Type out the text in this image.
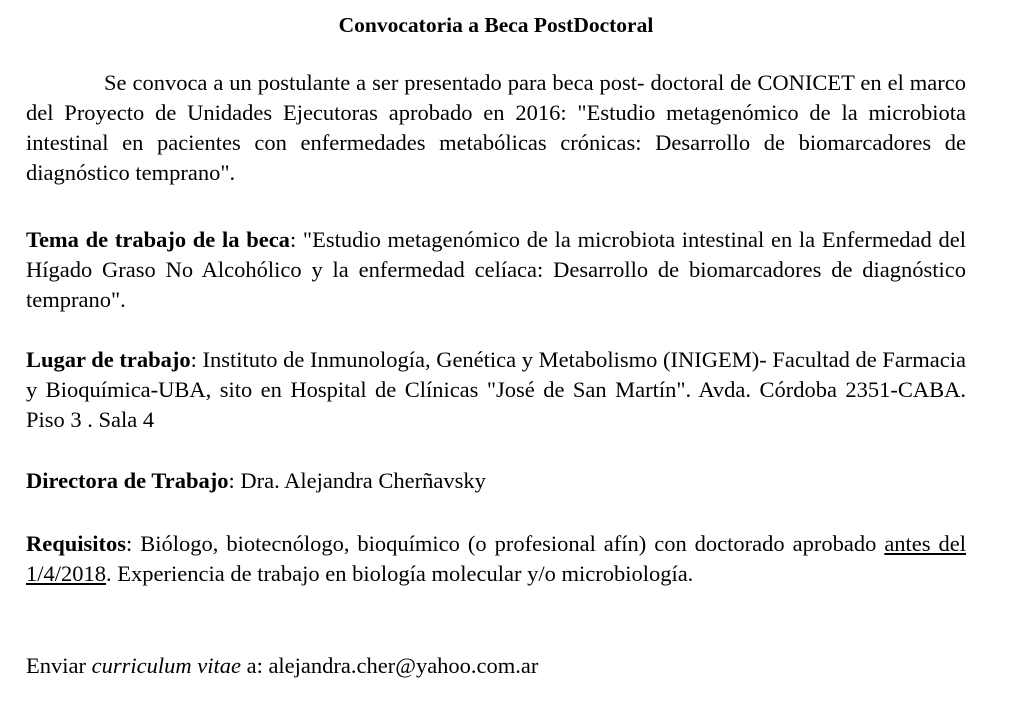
Convocatoria a Beca PostDoctoral

Se convoca a un postulante a ser presentado para beca post- doctoral de CONICET en el marco del Proyecto de Unidades Ejecutoras aprobado en 2016: "Estudio metagenómico de la microbiota intestinal en pacientes con enfermedades metabólicas crónicas: Desarrollo de biomarcadores de diagnóstico temprano".

Tema de trabajo de la beca: "Estudio metagenómico de la microbiota intestinal en la Enfermedad del Hígado Graso No Alcohólico y la enfermedad celíaca: Desarrollo de biomarcadores de diagnóstico temprano".

Lugar de trabajo: Instituto de Inmunología, Genética y Metabolismo (INIGEM)- Facultad de Farmacia y Bioquímica-UBA, sito en Hospital de Clínicas "José de San Martín". Avda. Córdoba 2351-CABA. Piso 3 . Sala 4

Directora de Trabajo: Dra. Alejandra Cherñavsky

Requisitos: Biólogo, biotecnólogo, bioquímico (o profesional afín) con doctorado aprobado antes del 1/4/2018. Experiencia de trabajo en biología molecular y/o microbiología.

Enviar curriculum vitae a: alejandra.cher@yahoo.com.ar
